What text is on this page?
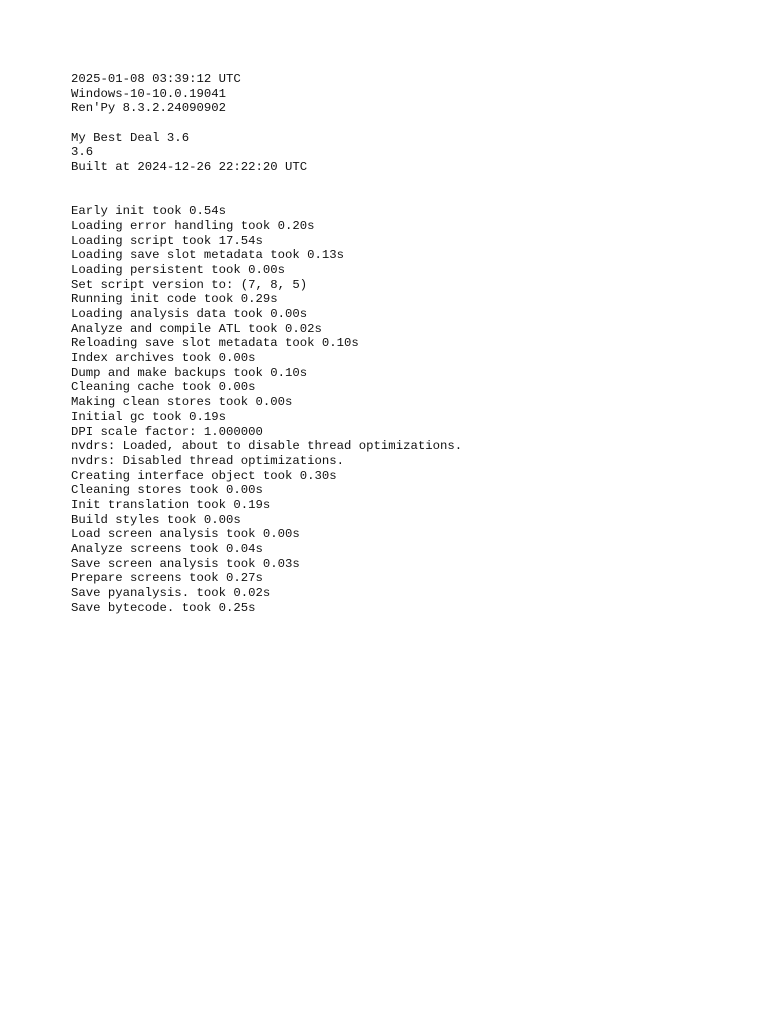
2025-01-08 03:39:12 UTC
Windows-10-10.0.19041
Ren'Py 8.3.2.24090902
My Best Deal 3.6
3.6
Built at 2024-12-26 22:22:20 UTC
Early init took 0.54s
Loading error handling took 0.20s
Loading script took 17.54s
Loading save slot metadata took 0.13s
Loading persistent took 0.00s
Set script version to: (7, 8, 5)
Running init code took 0.29s
Loading analysis data took 0.00s
Analyze and compile ATL took 0.02s
Reloading save slot metadata took 0.10s
Index archives took 0.00s
Dump and make backups took 0.10s
Cleaning cache took 0.00s
Making clean stores took 0.00s
Initial gc took 0.19s
DPI scale factor: 1.000000
nvdrs: Loaded, about to disable thread optimizations.
nvdrs: Disabled thread optimizations.
Creating interface object took 0.30s
Cleaning stores took 0.00s
Init translation took 0.19s
Build styles took 0.00s
Load screen analysis took 0.00s
Analyze screens took 0.04s
Save screen analysis took 0.03s
Prepare screens took 0.27s
Save pyanalysis. took 0.02s
Save bytecode. took 0.25s
